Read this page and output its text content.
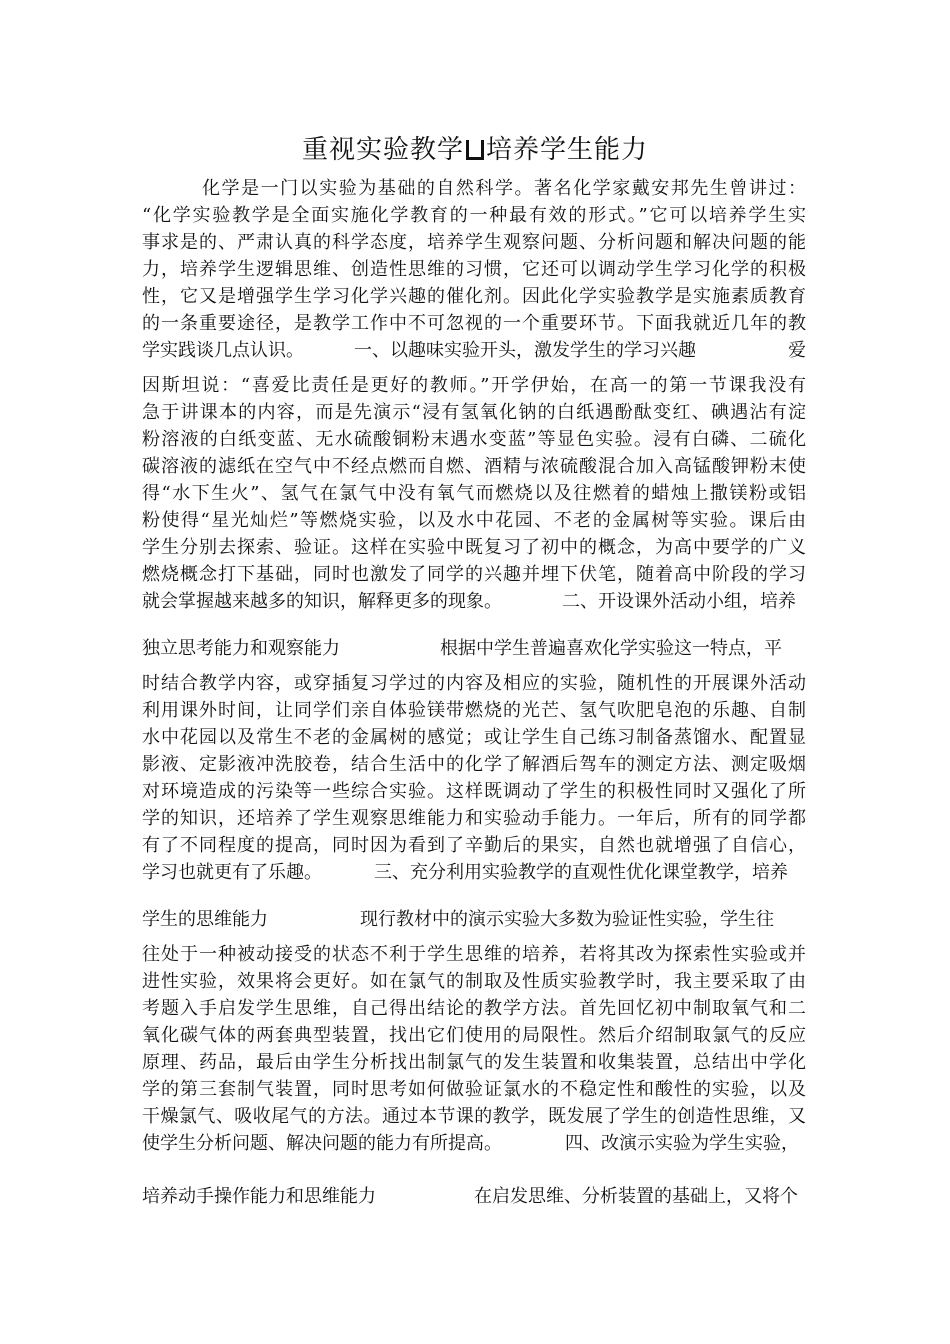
重视实验教学 培养学生能力
化学是一门以实验为基础的自然科学。著名化学家戴安邦先生曾讲过：
“化学实验教学是全面实施化学教育的一种最有效的形式。”它可以培养学生实
事求是的、严肃认真的科学态度，培养学生观察问题、分析问题和解决问题的能
力，培养学生逻辑思维、创造性思维的习惯，它还可以调动学生学习化学的积极
性，它又是增强学生学习化学兴趣的催化剂。因此化学实验教学是实施素质教育
的一条重要途径，是教学工作中不可忽视的一个重要环节。下面我就近几年的教
学实践谈几点认识。	一、以趣味实验开头，激发学生的学习兴趣	爱
因斯坦说：“喜爱比责任是更好的教师。”开学伊始，在高一的第一节课我没有
急于讲课本的内容，而是先演示“浸有氢氧化钠的白纸遇酚酞变红、碘遇沾有淀
粉溶液的白纸变蓝、无水硫酸铜粉末遇水变蓝”等显色实验。浸有白磷、二硫化
碳溶液的滤纸在空气中不经点燃而自燃、酒精与浓硫酸混合加入高锰酸钾粉末使
得“水下生火”、氢气在氯气中没有氧气而燃烧以及往燃着的蜡烛上撒镁粉或铝
粉使得“星光灿烂”等燃烧实验，以及水中花园、不老的金属树等实验。课后由
学生分别去探索、验证。这样在实验中既复习了初中的概念，为高中要学的广义
燃烧概念打下基础，同时也激发了同学的兴趣并埋下伏笔，随着高中阶段的学习
就会掌握越来越多的知识，解释更多的现象。	二、开设课外活动小组，培养
独立思考能力和观察能力	根据中学生普遍喜欢化学实验这一特点，平
时结合教学内容，或穿插复习学过的内容及相应的实验，随机性的开展课外活动
利用课外时间，让同学们亲自体验镁带燃烧的光芒、氢气吹肥皂泡的乐趣、自制
水中花园以及常生不老的金属树的感觉；或让学生自己练习制备蒸馏水、配置显
影液、定影液冲洗胶卷，结合生活中的化学了解酒后驾车的测定方法、测定吸烟
对环境造成的污染等一些综合实验。这样既调动了学生的积极性同时又强化了所
学的知识，还培养了学生观察思维能力和实验动手能力。一年后，所有的同学都
有了不同程度的提高，同时因为看到了辛勤后的果实，自然也就增强了自信心，
学习也就更有了乐趣。	三、充分利用实验教学的直观性优化课堂教学，培养
学生的思维能力	现行教材中的演示实验大多数为验证性实验，学生往
往处于一种被动接受的状态不利于学生思维的培养，若将其改为探索性实验或并
进性实验，效果将会更好。如在氯气的制取及性质实验教学时，我主要采取了由
考题入手启发学生思维，自己得出结论的教学方法。首先回忆初中制取氧气和二
氧化碳气体的两套典型装置，找出它们使用的局限性。然后介绍制取氯气的反应
原理、药品，最后由学生分析找出制氯气的发生装置和收集装置，总结出中学化
学的第三套制气装置，同时思考如何做验证氯水的不稳定性和酸性的实验，以及
干燥氯气、吸收尾气的方法。通过本节课的教学，既发展了学生的创造性思维，又
使学生分析问题、解决问题的能力有所提高。	四、改演示实验为学生实验，
培养动手操作能力和思维能力	在启发思维、分析装置的基础上，又将个
